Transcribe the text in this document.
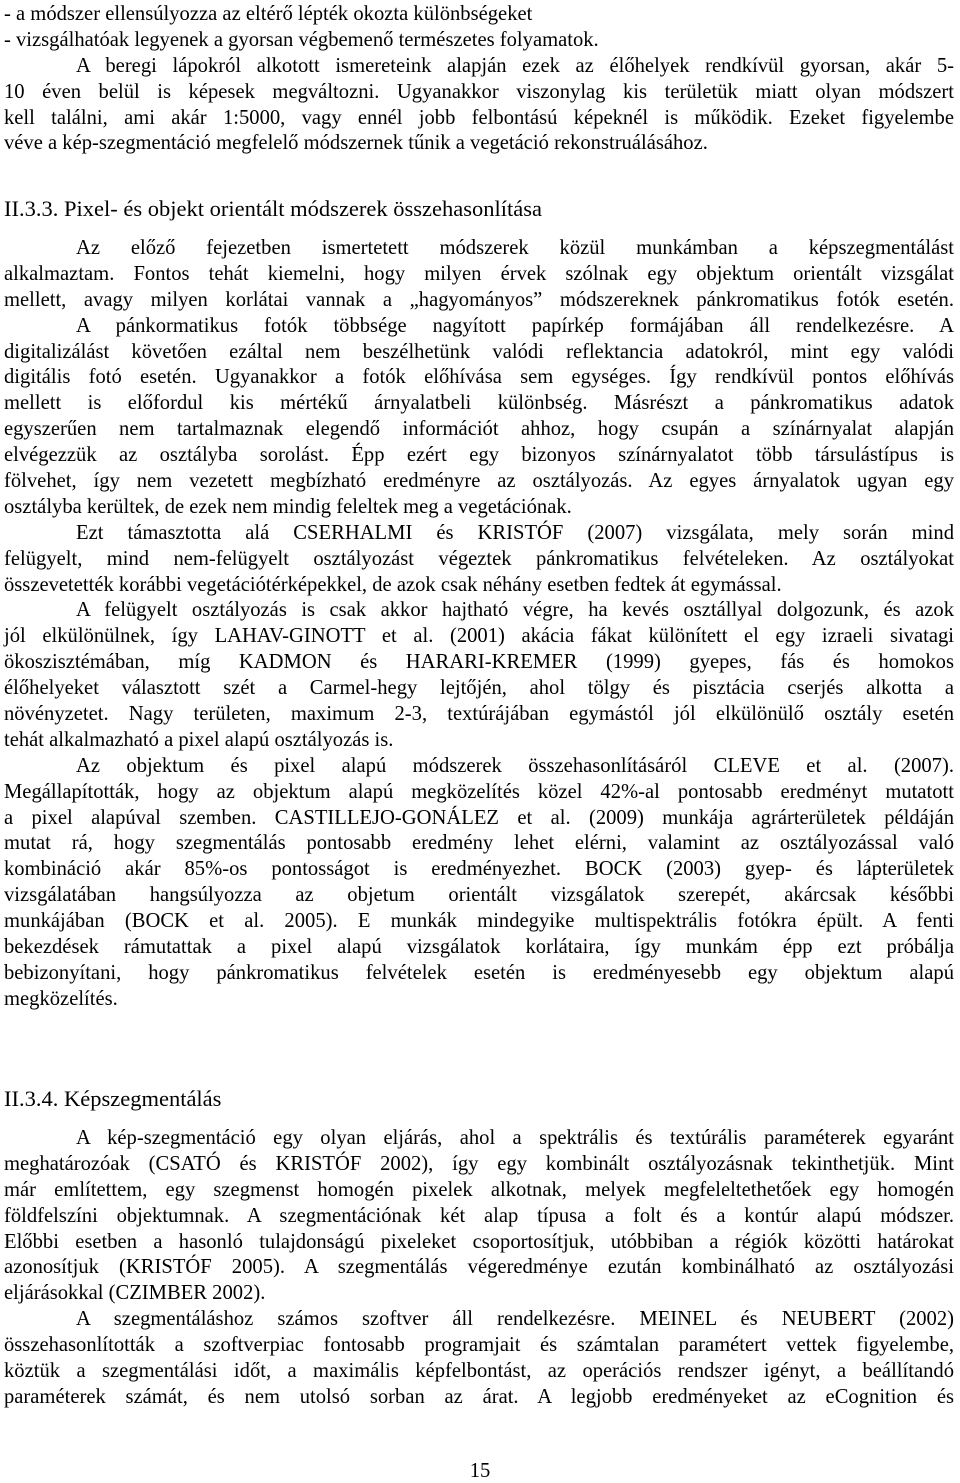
- a módszer ellensúlyozza az eltérő lépték okozta különbségeket
- vizsgálhatóak legyenek a gyorsan végbemenő természetes folyamatok.
A beregi lápokról alkotott ismereteink alapján ezek az élőhelyek rendkívül gyorsan, akár 5-
10 éven belül is képesek megváltozni. Ugyanakkor viszonylag kis területük miatt olyan módszert
kell találni, ami akár 1:5000, vagy ennél jobb felbontású képeknél is működik. Ezeket figyelembe
véve a kép-szegmentáció megfelelő módszernek tűnik a vegetáció rekonstruálásához.
II.3.3. Pixel- és objekt orientált módszerek összehasonlítása
Az előző fejezetben ismertetett módszerek közül munkámban a képszegmentálást
alkalmaztam. Fontos tehát kiemelni, hogy milyen érvek szólnak egy objektum orientált vizsgálat
mellett, avagy milyen korlátai vannak a „hagyományos” módszereknek pánkromatikus fotók esetén.
A pánkormatikus fotók többsége nagyított papírkép formájában áll rendelkezésre. A
digitalizálást követően ezáltal nem beszélhetünk valódi reflektancia adatokról, mint egy valódi
digitális fotó esetén. Ugyanakkor a fotók előhívása sem egységes. Így rendkívül pontos előhívás
mellett is előfordul kis mértékű árnyalatbeli különbség. Másrészt a pánkromatikus adatok
egyszerűen nem tartalmaznak elegendő információt ahhoz, hogy csupán a színárnyalat alapján
elvégezzük az osztályba sorolást. Épp ezért egy bizonyos színárnyalatot több társulástípus is
fölvehet, így nem vezetett megbízható eredményre az osztályozás. Az egyes árnyalatok ugyan egy
osztályba kerültek, de ezek nem mindig feleltek meg a vegetációnak.
Ezt támasztotta alá CSERHALMI és KRISTÓF (2007) vizsgálata, mely során mind
felügyelt, mind nem-felügyelt osztályozást végeztek pánkromatikus felvételeken. Az osztályokat
összevetették korábbi vegetációtérképekkel, de azok csak néhány esetben fedtek át egymással.
A felügyelt osztályozás is csak akkor hajtható végre, ha kevés osztállyal dolgozunk, és azok
jól elkülönülnek, így LAHAV-GINOTT et al. (2001) akácia fákat különített el egy izraeli sivatagi
ökoszisztémában, míg KADMON és HARARI-KREMER (1999) gyepes, fás és homokos
élőhelyeket választott szét a Carmel-hegy lejtőjén, ahol tölgy és pisztácia cserjés alkotta a
növényzetet. Nagy területen, maximum 2-3, textúrájában egymástól jól elkülönülő osztály esetén
tehát alkalmazható a pixel alapú osztályozás is.
Az objektum és pixel alapú módszerek összehasonlításáról CLEVE et al. (2007).
Megállapították, hogy az objektum alapú megközelítés közel 42%-al pontosabb eredményt mutatott
a pixel alapúval szemben. CASTILLEJO-GONÁLEZ et al. (2009) munkája agrárterületek példáján
mutat rá, hogy szegmentálás pontosabb eredmény lehet elérni, valamint az osztályozással való
kombináció akár 85%-os pontosságot is eredményezhet. BOCK (2003) gyep- és lápterületek
vizsgálatában hangsúlyozza az objetum orientált vizsgálatok szerepét, akárcsak későbbi
munkájában (BOCK et al. 2005). E munkák mindegyike multispektrális fotókra épült. A fenti
bekezdések rámutattak a pixel alapú vizsgálatok korlátaira, így munkám épp ezt próbálja
bebizonyítani, hogy pánkromatikus felvételek esetén is eredményesebb egy objektum alapú
megközelítés.
II.3.4. Képszegmentálás
A kép-szegmentáció egy olyan eljárás, ahol a spektrális és textúrális paraméterek egyaránt
meghatározóak (CSATÓ és KRISTÓF 2002), így egy kombinált osztályozásnak tekinthetjük. Mint
már említettem, egy szegmenst homogén pixelek alkotnak, melyek megfeleltethetőek egy homogén
földfelszíni objektumnak. A szegmentációnak két alap típusa a folt és a kontúr alapú módszer.
Előbbi esetben a hasonló tulajdonságú pixeleket csoportosítjuk, utóbbiban a régiók közötti határokat
azonosítjuk (KRISTÓF 2005). A szegmentálás végeredménye ezután kombinálható az osztályozási
eljárásokkal (CZIMBER 2002).
A szegmentáláshoz számos szoftver áll rendelkezésre. MEINEL és NEUBERT (2002)
összehasonlították a szoftverpiac fontosabb programjait és számtalan paramétert vettek figyelembe,
köztük a szegmentálási időt, a maximális képfelbontást, az operációs rendszer igényt, a beállítandó
paraméterek számát, és nem utolsó sorban az árat. A legjobb eredményeket az eCognition és
15
